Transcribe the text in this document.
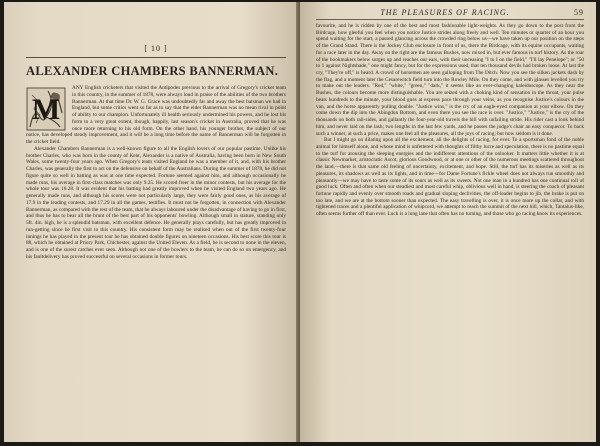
[ 10 ]
ALEXANDER CHAMBERS BANNERMAN.
M

ANY English cricketers that visited the Antipodes previous to the arrival of Gregory's cricket team in this country, in the summer of 1878, were always loud in praise of the abilities of the two brothers Bannerman. At that time Dr. W. G. Grace was undoubtedly far and away the best batsman we had in England, but some critics went so far as to say that the elder Bannerman was no mean rival in point of ability to our champion. Unfortunately ill health seriously undermined his powers, and he lost his form to a very great extent, though, happily, last season's cricket in Australia, proved that he was once more returning to his old form. On the other hand, his younger brother, the subject of our notice, has developed steady improvement, and it will be a long time before the name of Bannerman will be forgotten in the cricket field.

Alexander Chambers Bannerman is a well-known figure to all the English lovers of our popular pastime. Unlike his brother Charles, who was born in the county of Kent, Alexander is a native of Australia, having been born in New South Wales, some twenty-four years ago. When Gregory's team visited England he was a member of it, and, with his brother Charles, was generally the first to act on the defensive on behalf of the Australians. During the summer of 1878, he did not figure quite so well in batting as was at one time expected. Fortune seemed against him, and although occasionally he made runs, his average in first-class matches was only 9.25. He scored freer in the minor contests, but his average for the whole tour was 16.28. It was evident that his batting had greatly improved when he visited England two years ago. He generally made runs, and although his scores were not particularly large, they were fairly good ones, as his average of 17.9 in the leading contests, and 17.29 in all the games, testifies. It must not be forgotten, in connection with Alexander Bannerman, as compared with the rest of the team, that he always laboured under the disadvantage of having to go in first, and thus he has to bear all the brunt of the best part of his opponents' bowling. Although small in stature, standing only 5ft. 4in. high, he is a splendid batsman, with excellent defence. He generally plays carefully, but has greatly improved in run-getting since he first visit to this country. His consistent form may be realised when out of the first twenty-four innings he has played in the present tour he has obtained double figures on nineteen occasions. His best score this tour is 88, which he obtained at Priory Park, Chichester, against the United Eleven. As a field, he is second to none in the eleven, and is one of the surest catches ever seen. Although not one of the bowlers to the team, he can do so on emergency, and his faultdelivery has proved successful on several occasions in former tours.

THE PLEASURES OF RACING.	59

favourite, and he is ridden by one of the best and most fashionable light-weights. As they go down to the post from the Birdcage, how gleeful you feel when you notice Justice strides along freely and well. Ten minutes or quarter of an hour you spend waiting for the start, a passed glancing across the crowded ring below us—we have taken up our position on the steps of the Grand Stand. There is the Jockey Club enclosure in front of us, there the Birdcage, with its equine occupants, waiting for a race later in the day. Away on the right are the famous Bushes, now mixed in, but ever famous in turf history. As the roar of the bookmakers below surges up and reaches our ears, with their unceasing "I to I on the field," "I'll lay Penelope"; or "50 to 1 against Nightshade," one might fancy, but for the expressions used, that ten thousand devils had broken loose. At last the cry, "They're off," is heard. A crowd of horsemen are seen galloping from The Ditch. Now you see the silken jackets dash by the flag, and a moment later the Cesarewitch field turn into the Rowley Mile. On they come, and with glasses levelled you try to make out the leaders. "Red," "white," "green," "dark," it seems like an ever-changing kaleidoscope. As they near the Bushes, the colours become more distinguishable. You are seized with a choking kind of sensation in the throat, your pulse beats hundreds to the minute, your blood goes at express pace through your veins, as you recognise Justice's colours in the van, and the horse apparently pulling double. "Justice wins," is the cry of an eagle-eyed companion at your elbow. On they come down the dip into the Abingdon Bottom, and even there you see the race is over. "Justice," "Justice," is the cry of the thousands on both rail-sides, and gallantly the four-year-old travels the hill with unfailing stride. His rider cast a look behind him, and never laid on the lash; two lengths in the last few yards, and he passes the judge's chair an easy conqueror. To back such a winner, at such a price, makes one feel all the pleasures, all the joys of racing; but how seldom is it done.

But I might go on dilating upon all the excitement, all the delights of racing, for ever. To a sportsman fond of the noble animal for himself alone, and whose mind is unfettered with thoughts of filthy lucre and speculation, there is no pastime equal to the turf for arousing the sleeping energies and the indifferent attentions of the onlooker. It matters little whether it is at classic Newmarket, aristocratic Ascot, glorious Goodwood, or at one or other of the numerous meetings scattered throughout the land,—there is that same old feeling of uncertainty, excitement, and hope. Still, the turf has its miseries as well as its pleasures, its shadows as well as its lights, and in time—for Dame Fortune's fickle wheel does not always run smoothly and pleasantly—we may have to taste some of its sours as well as its sweets. Not one man in a hundred has one continual roll of good luck. Often and often when our steadiest and most careful whip, oblivious well in hand, is steering the coach of pleasant fortune rapidly and evenly over smooth roads and gradual sloping declivities, the off-leader begins to jib, the brake is put on too late, and we are at the bottom sooner than expected. The easy travelling is over, it is once more up the collar, and with tightened traces and a plentiful application of whipcord, we attempt to reach the summit of the next hill, which, Tantalus-like, often seems further off than ever. Luck is a long lane that often has no turning, and those who go racing know its experiences.
